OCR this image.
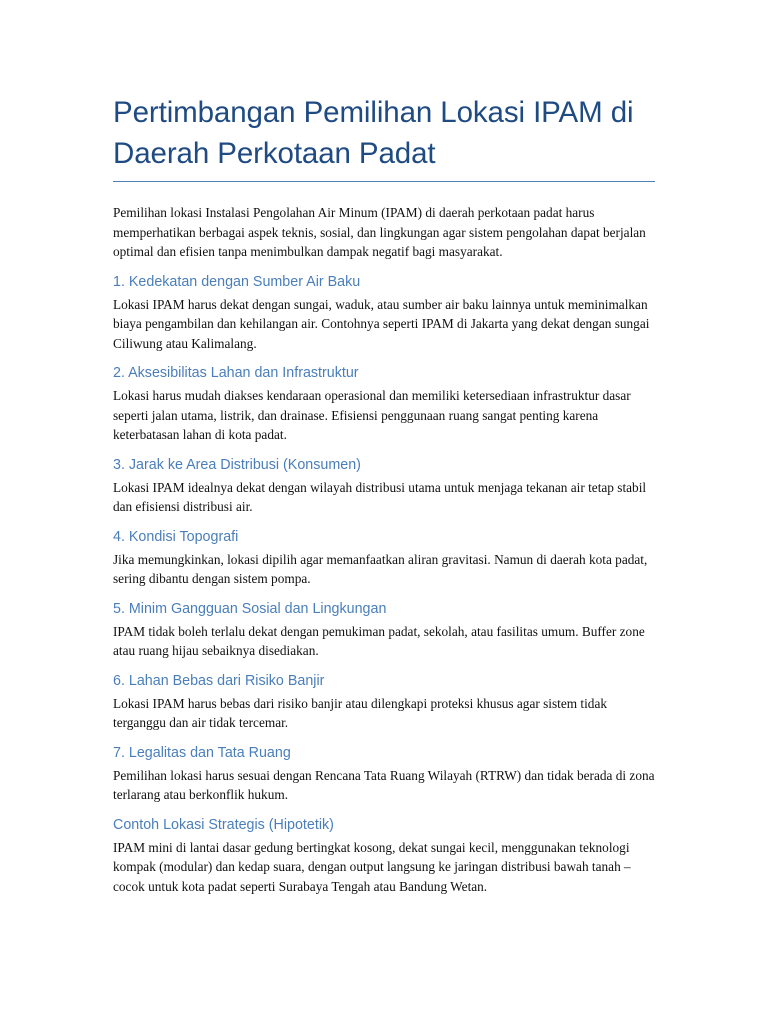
Pertimbangan Pemilihan Lokasi IPAM di Daerah Perkotaan Padat

Pemilihan lokasi Instalasi Pengolahan Air Minum (IPAM) di daerah perkotaan padat harus memperhatikan berbagai aspek teknis, sosial, dan lingkungan agar sistem pengolahan dapat berjalan optimal dan efisien tanpa menimbulkan dampak negatif bagi masyarakat.

1. Kedekatan dengan Sumber Air Baku

Lokasi IPAM harus dekat dengan sungai, waduk, atau sumber air baku lainnya untuk meminimalkan biaya pengambilan dan kehilangan air. Contohnya seperti IPAM di Jakarta yang dekat dengan sungai Ciliwung atau Kalimalang.

2. Aksesibilitas Lahan dan Infrastruktur

Lokasi harus mudah diakses kendaraan operasional dan memiliki ketersediaan infrastruktur dasar seperti jalan utama, listrik, dan drainase. Efisiensi penggunaan ruang sangat penting karena keterbatasan lahan di kota padat.

3. Jarak ke Area Distribusi (Konsumen)

Lokasi IPAM idealnya dekat dengan wilayah distribusi utama untuk menjaga tekanan air tetap stabil dan efisiensi distribusi air.

4. Kondisi Topografi

Jika memungkinkan, lokasi dipilih agar memanfaatkan aliran gravitasi. Namun di daerah kota padat, sering dibantu dengan sistem pompa.

5. Minim Gangguan Sosial dan Lingkungan

IPAM tidak boleh terlalu dekat dengan pemukiman padat, sekolah, atau fasilitas umum. Buffer zone atau ruang hijau sebaiknya disediakan.

6. Lahan Bebas dari Risiko Banjir

Lokasi IPAM harus bebas dari risiko banjir atau dilengkapi proteksi khusus agar sistem tidak terganggu dan air tidak tercemar.

7. Legalitas dan Tata Ruang

Pemilihan lokasi harus sesuai dengan Rencana Tata Ruang Wilayah (RTRW) dan tidak berada di zona terlarang atau berkonflik hukum.

Contoh Lokasi Strategis (Hipotetik)

IPAM mini di lantai dasar gedung bertingkat kosong, dekat sungai kecil, menggunakan teknologi kompak (modular) dan kedap suara, dengan output langsung ke jaringan distribusi bawah tanah – cocok untuk kota padat seperti Surabaya Tengah atau Bandung Wetan.
